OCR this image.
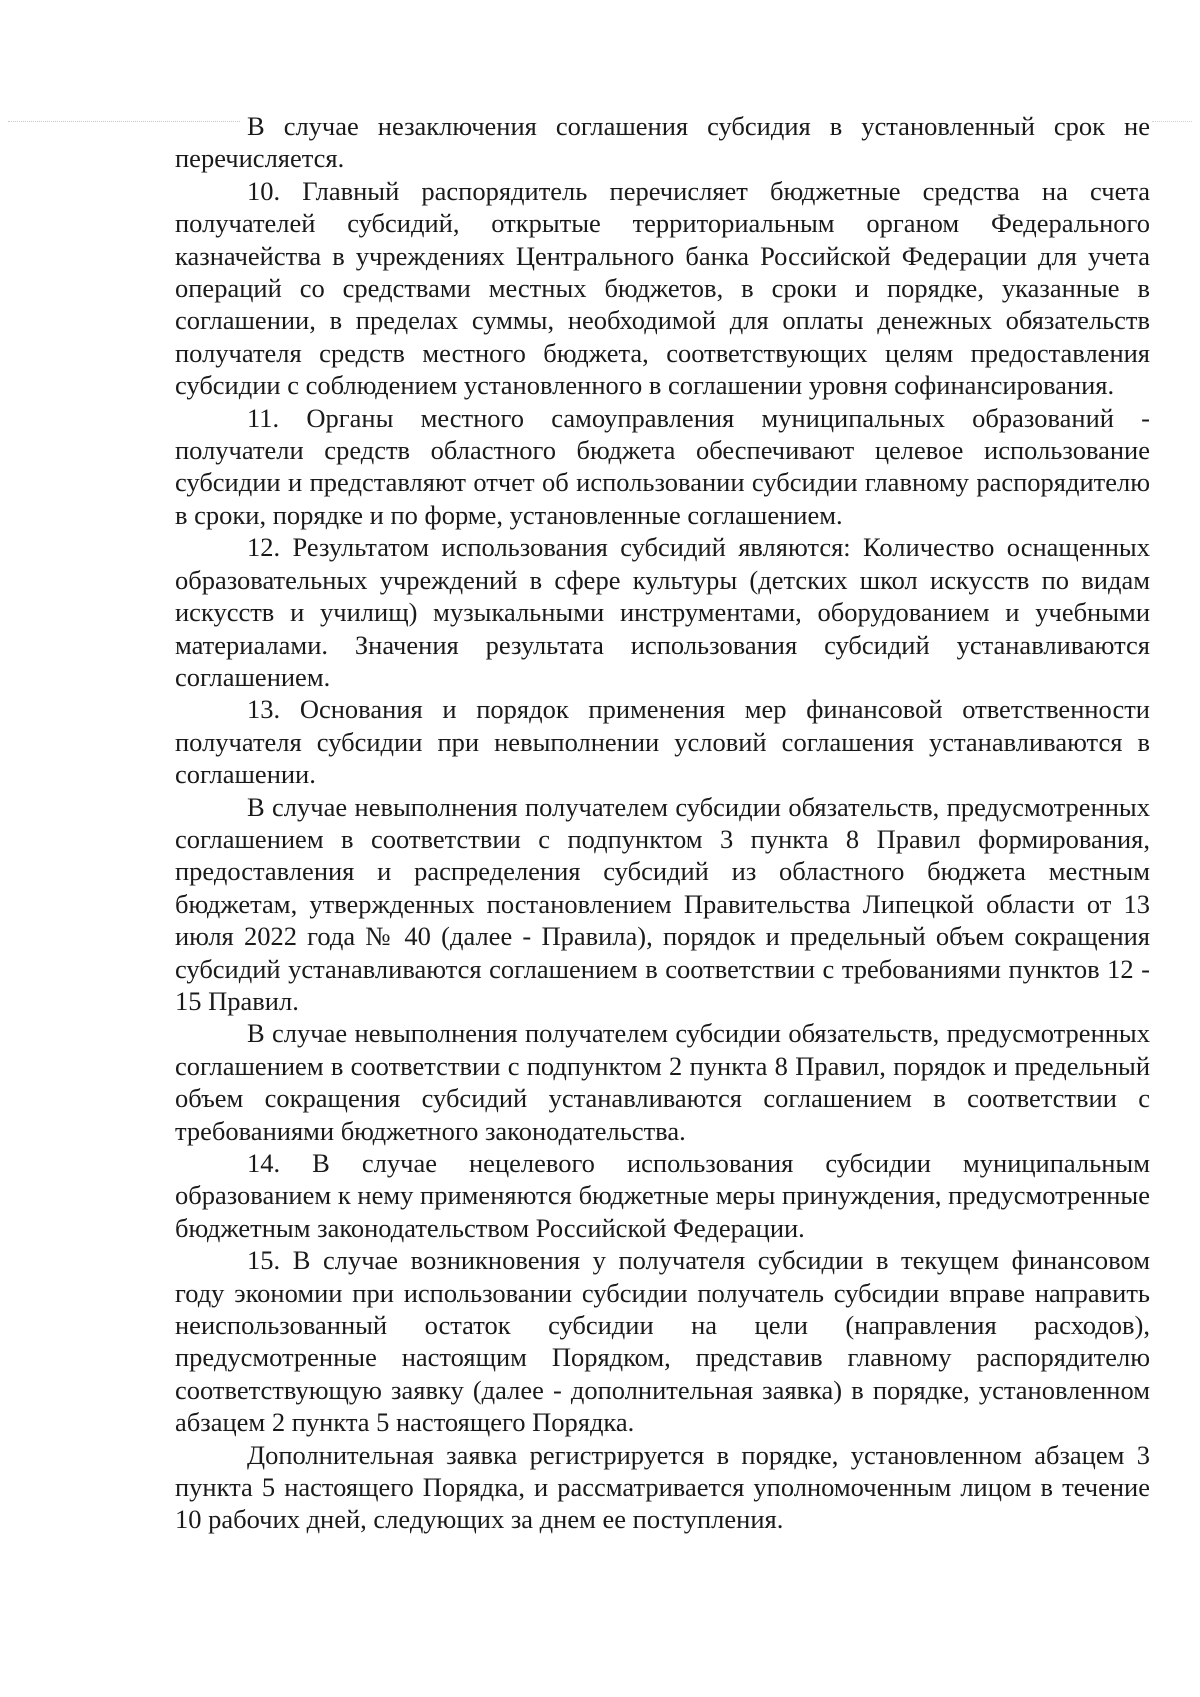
В случае незаключения соглашения субсидия в установленный срок не перечисляется.

10. Главный распорядитель перечисляет бюджетные средства на счета получателей субсидий, открытые территориальным органом Федерального казначейства в учреждениях Центрального банка Российской Федерации для учета операций со средствами местных бюджетов, в сроки и порядке, указанные в соглашении, в пределах суммы, необходимой для оплаты денежных обязательств получателя средств местного бюджета, соответствующих целям предоставления субсидии с соблюдением установленного в соглашении уровня софинансирования.

11. Органы местного самоуправления муниципальных образований - получатели средств областного бюджета обеспечивают целевое использование субсидии и представляют отчет об использовании субсидии главному распорядителю в сроки, порядке и по форме, установленные соглашением.

12. Результатом использования субсидий являются: Количество оснащенных образовательных учреждений в сфере культуры (детских школ искусств по видам искусств и училищ) музыкальными инструментами, оборудованием и учебными материалами. Значения результата использования субсидий устанавливаются соглашением.

13. Основания и порядок применения мер финансовой ответственности получателя субсидии при невыполнении условий соглашения устанавливаются в соглашении.

В случае невыполнения получателем субсидии обязательств, предусмотренных соглашением в соответствии с подпунктом 3 пункта 8 Правил формирования, предоставления и распределения субсидий из областного бюджета местным бюджетам, утвержденных постановлением Правительства Липецкой области от 13 июля 2022 года № 40 (далее - Правила), порядок и предельный объем сокращения субсидий устанавливаются соглашением в соответствии с требованиями пунктов 12 - 15 Правил.

В случае невыполнения получателем субсидии обязательств, предусмотренных соглашением в соответствии с подпунктом 2 пункта 8 Правил, порядок и предельный объем сокращения субсидий устанавливаются соглашением в соответствии с требованиями бюджетного законодательства.

14. В случае нецелевого использования субсидии муниципальным образованием к нему применяются бюджетные меры принуждения, предусмотренные бюджетным законодательством Российской Федерации.

15. В случае возникновения у получателя субсидии в текущем финансовом году экономии при использовании субсидии получатель субсидии вправе направить неиспользованный остаток субсидии на цели (направления расходов), предусмотренные настоящим Порядком, представив главному распорядителю соответствующую заявку (далее - дополнительная заявка) в порядке, установленном абзацем 2 пункта 5 настоящего Порядка.

Дополнительная заявка регистрируется в порядке, установленном абзацем 3 пункта 5 настоящего Порядка, и рассматривается уполномоченным лицом в течение 10 рабочих дней, следующих за днем ее поступления.
